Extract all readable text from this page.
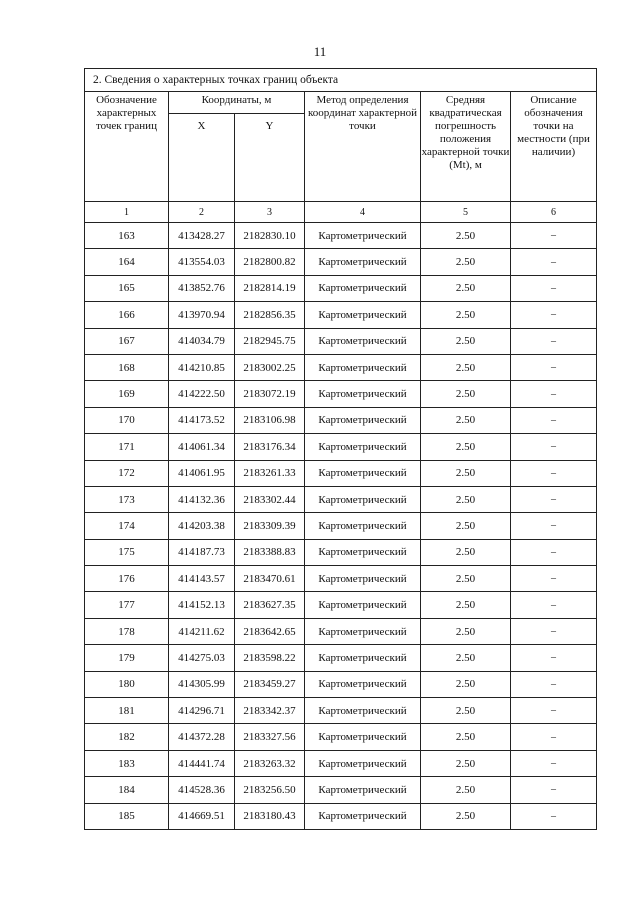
11
2. Сведения о характерных точках границ объекта					
Обозначение характерных точек границ	Координаты, м		Метод определения координат характерной точки	Средняя квадратическая погрешность положения характерной точки (Mt), м	Описание обозначения точки на местности (при наличии)
	X	Y			
1	2	3	4	5	6
163	413428.27	2182830.10	Картометрический	2.50	–
164	413554.03	2182800.82	Картометрический	2.50	–
165	413852.76	2182814.19	Картометрический	2.50	–
166	413970.94	2182856.35	Картометрический	2.50	–
167	414034.79	2182945.75	Картометрический	2.50	–
168	414210.85	2183002.25	Картометрический	2.50	–
169	414222.50	2183072.19	Картометрический	2.50	–
170	414173.52	2183106.98	Картометрический	2.50	–
171	414061.34	2183176.34	Картометрический	2.50	–
172	414061.95	2183261.33	Картометрический	2.50	–
173	414132.36	2183302.44	Картометрический	2.50	–
174	414203.38	2183309.39	Картометрический	2.50	–
175	414187.73	2183388.83	Картометрический	2.50	–
176	414143.57	2183470.61	Картометрический	2.50	–
177	414152.13	2183627.35	Картометрический	2.50	–
178	414211.62	2183642.65	Картометрический	2.50	–
179	414275.03	2183598.22	Картометрический	2.50	–
180	414305.99	2183459.27	Картометрический	2.50	–
181	414296.71	2183342.37	Картометрический	2.50	–
182	414372.28	2183327.56	Картометрический	2.50	–
183	414441.74	2183263.32	Картометрический	2.50	–
184	414528.36	2183256.50	Картометрический	2.50	–
185	414669.51	2183180.43	Картометрический	2.50	–
